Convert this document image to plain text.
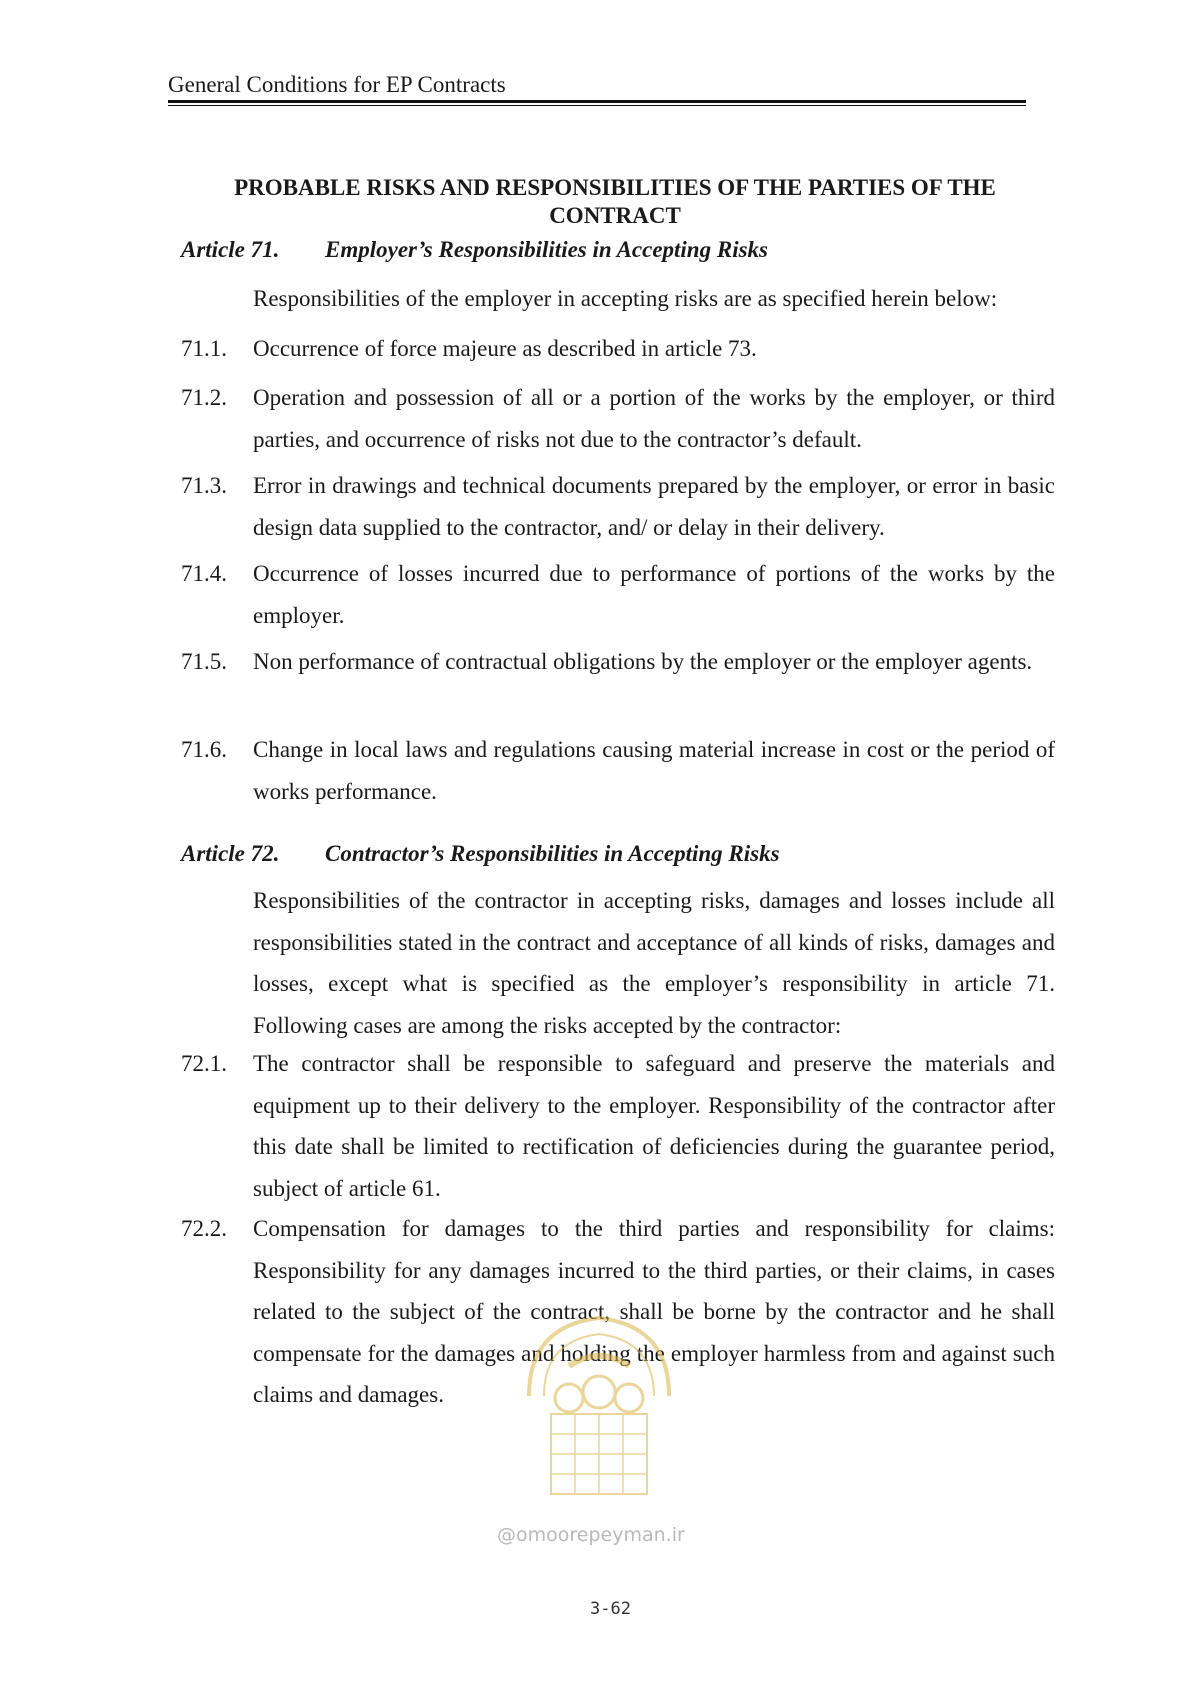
General Conditions for EP Contracts
PROBABLE RISKS AND RESPONSIBILITIES OF THE PARTIES OF THE
CONTRACT
Article 71. Employer’s Responsibilities in Accepting Risks
Responsibilities of the employer in accepting risks are as specified herein below:
71.1.	Occurrence of force majeure as described in article 73.
71.2.	Operation and possession of all or a portion of the works by the employer, or third parties, and occurrence of risks not due to the contractor’s default.
71.3.	Error in drawings and technical documents prepared by the employer, or error in basic design data supplied to the contractor, and/ or delay in their delivery.
71.4.	Occurrence of losses incurred due to performance of portions of the works by the employer.
71.5.	Non performance of contractual obligations by the employer or the employer agents.
71.6.	Change in local laws and regulations causing material increase in cost or the period of works performance.
Article 72. Contractor’s Responsibilities in Accepting Risks
Responsibilities of the contractor in accepting risks, damages and losses include all responsibilities stated in the contract and acceptance of all kinds of risks, damages and losses, except what is specified as the employer’s responsibility in article 71. Following cases are among the risks accepted by the contractor:
72.1.	The contractor shall be responsible to safeguard and preserve the materials and equipment up to their delivery to the employer. Responsibility of the contractor after this date shall be limited to rectification of deficiencies during the guarantee period, subject of article 61.
72.2.	Compensation for damages to the third parties and responsibility for claims: Responsibility for any damages incurred to the third parties, or their claims, in cases related to the subject of the contract, shall be borne by the contractor and he shall compensate for the damages and holding the employer harmless from and against such claims and damages.
@omoorepeyman.ir
3-62
